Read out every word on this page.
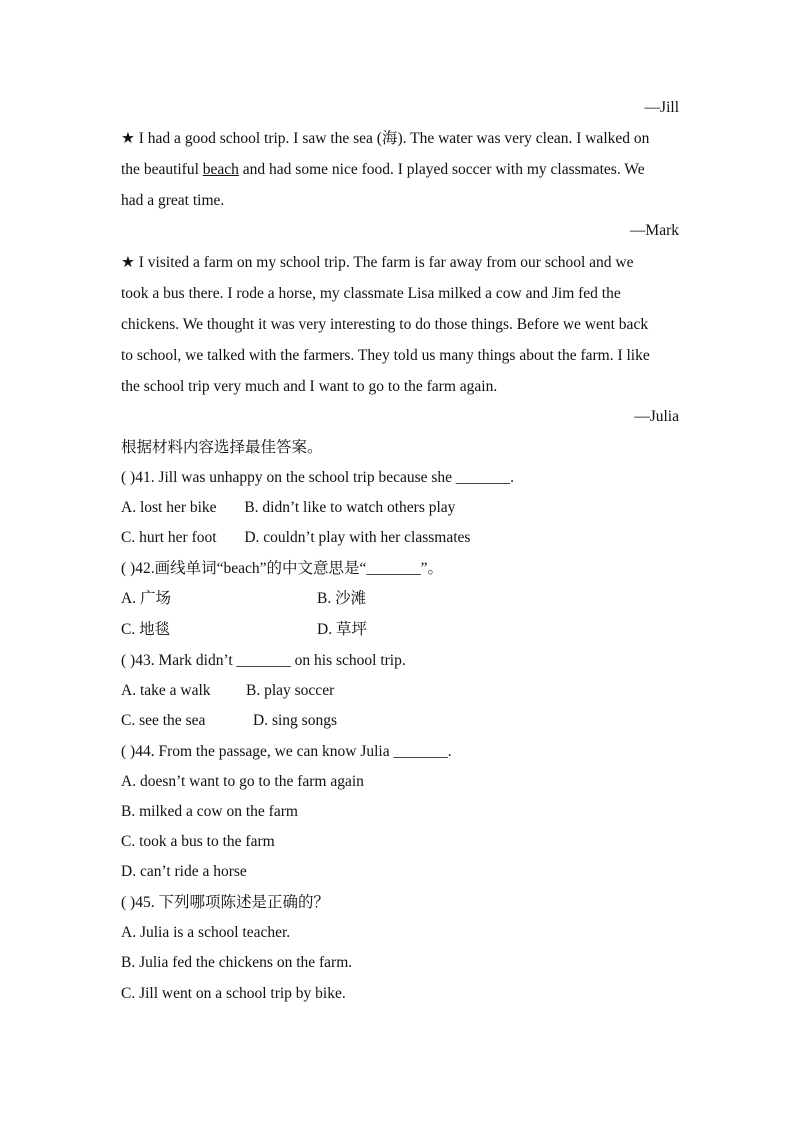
—Jill
★ I had a good school trip. I saw the sea (海). The water was very clean. I walked on
the beautiful beach and had some nice food. I played soccer with my classmates. We
had a great time.
—Mark
★ I visited a farm on my school trip. The farm is far away from our school and we
took a bus there. I rode a horse, my classmate Lisa milked a cow and Jim fed the
chickens. We thought it was very interesting to do those things. Before we went back
to school, we talked with the farmers. They told us many things about the farm. I like
the school trip very much and I want to go to the farm again.
—Julia
根据材料内容选择最佳答案。
( )41. Jill was unhappy on the school trip because she _______.
A. lost her bike B. didn’t like to watch others play
C. hurt her foot D. couldn’t play with her classmates
( )42.画线单词“beach”的中文意思是“_______”。
A. 广场	B. 沙滩
C. 地毯	D. 草坪
( )43. Mark didn’t _______ on his school trip.
A. take a walk B. play soccer
C. see the sea	D. sing songs
( )44. From the passage, we can know Julia _______.
A. doesn’t want to go to the farm again
B. milked a cow on the farm
C. took a bus to the farm
D. can’t ride a horse
( )45. 下列哪项陈述是正确的？
A. Julia is a school teacher.
B. Julia fed the chickens on the farm.
C. Jill went on a school trip by bike.
